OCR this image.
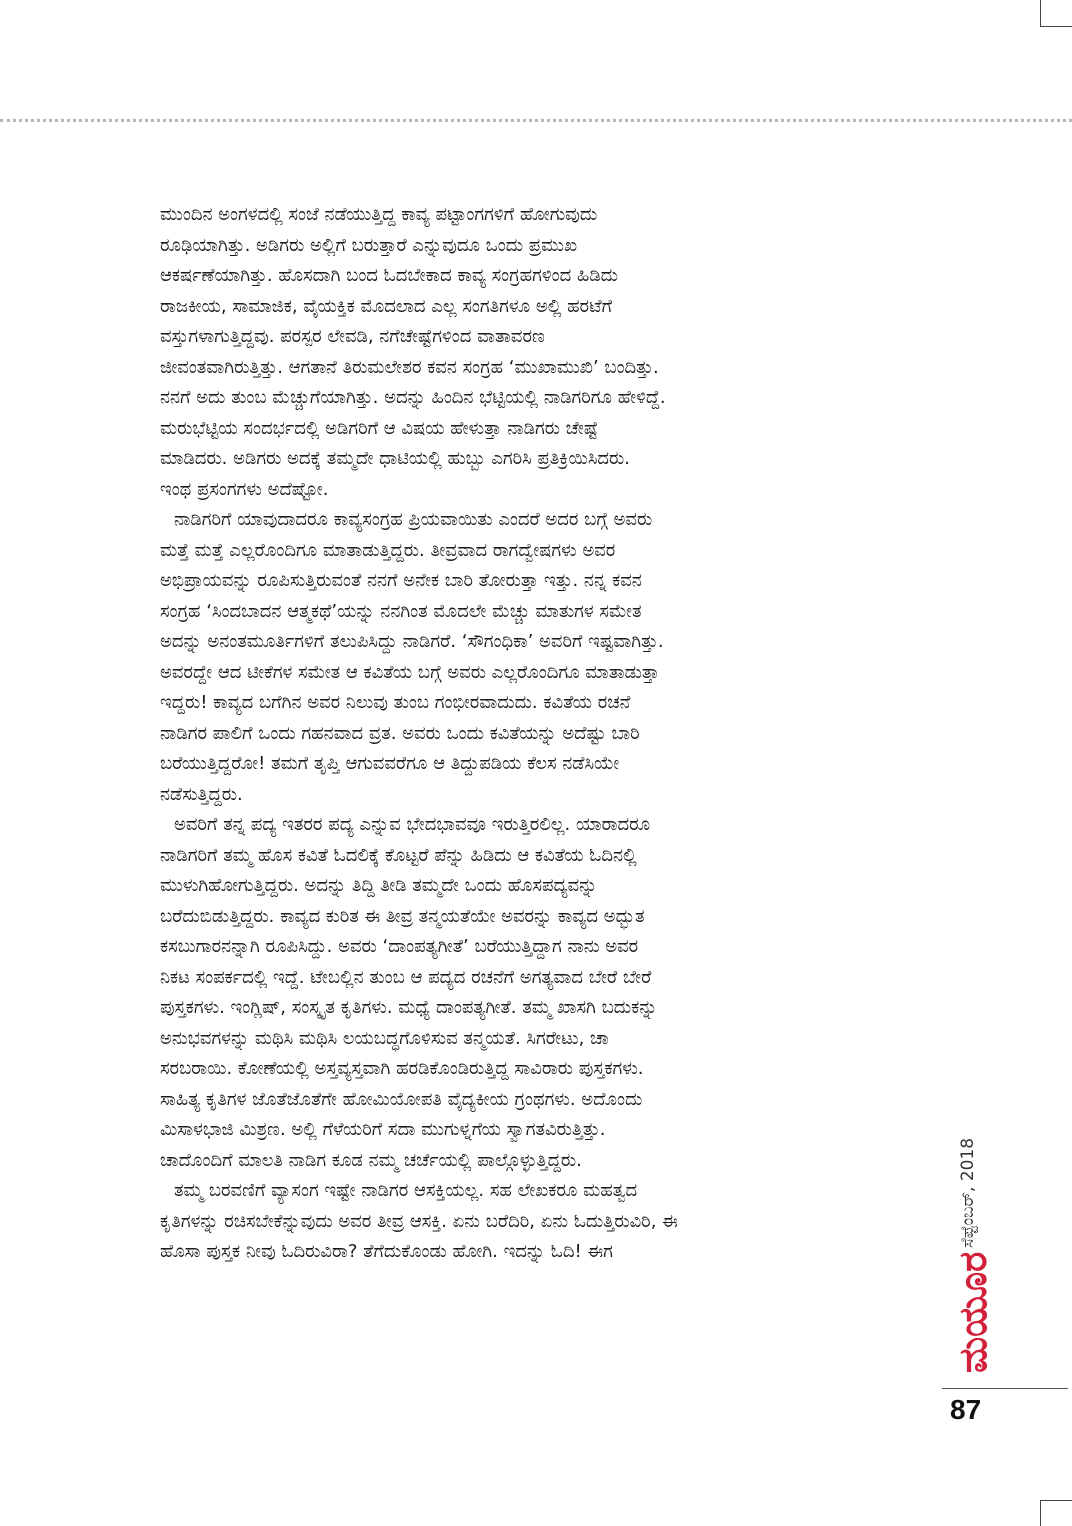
ಮುಂದಿನ ಅಂಗಳದಲ್ಲಿ ಸಂಜೆ ನಡೆಯುತ್ತಿದ್ದ ಕಾವ್ಯ ಪಟ್ಟಾಂಗಗಳಿಗೆ ಹೋಗುವುದು
ರೂಢಿಯಾಗಿತ್ತು. ಅಡಿಗರು ಅಲ್ಲಿಗೆ ಬರುತ್ತಾರೆ ಎನ್ನುವುದೂ ಒಂದು ಪ್ರಮುಖ
ಆಕರ್ಷಣೆಯಾಗಿತ್ತು. ಹೊಸದಾಗಿ ಬಂದ ಓದಬೇಕಾದ ಕಾವ್ಯ ಸಂಗ್ರಹಗಳಿಂದ ಹಿಡಿದು
ರಾಜಕೀಯ, ಸಾಮಾಜಿಕ, ವೈಯಕ್ತಿಕ ಮೊದಲಾದ ಎಲ್ಲ ಸಂಗತಿಗಳೂ ಅಲ್ಲಿ ಹರಟೆಗೆ
ವಸ್ತುಗಳಾಗುತ್ತಿದ್ದವು. ಪರಸ್ಪರ ಲೇವಡಿ, ನಗೆಚೇಷ್ಟೆಗಳಿಂದ ವಾತಾವರಣ
ಜೀವಂತವಾಗಿರುತ್ತಿತ್ತು. ಆಗತಾನೆ ತಿರುಮಲೇಶರ ಕವನ ಸಂಗ್ರಹ ‘ಮುಖಾಮುಖಿ’ ಬಂದಿತ್ತು.
ನನಗೆ ಅದು ತುಂಬ ಮೆಚ್ಚುಗೆಯಾಗಿತ್ತು. ಅದನ್ನು ಹಿಂದಿನ ಭೆಟ್ಟಿಯಲ್ಲಿ ನಾಡಿಗರಿಗೂ ಹೇಳಿದ್ದೆ.
ಮರುಭೆಟ್ಟಿಯ ಸಂದರ್ಭದಲ್ಲಿ ಅಡಿಗರಿಗೆ ಆ ವಿಷಯ ಹೇಳುತ್ತಾ ನಾಡಿಗರು ಚೇಷ್ಟೆ
ಮಾಡಿದರು. ಅಡಿಗರು ಅದಕ್ಕೆ ತಮ್ಮದೇ ಧಾಟಿಯಲ್ಲಿ ಹುಬ್ಬು ಎಗರಿಸಿ ಪ್ರತಿಕ್ರಿಯಿಸಿದರು.
ಇಂಥ ಪ್ರಸಂಗಗಳು ಅದೆಷ್ಟೋ.
ನಾಡಿಗರಿಗೆ ಯಾವುದಾದರೂ ಕಾವ್ಯಸಂಗ್ರಹ ಪ್ರಿಯವಾಯಿತು ಎಂದರೆ ಅದರ ಬಗ್ಗೆ ಅವರು
ಮತ್ತೆ ಮತ್ತೆ ಎಲ್ಲರೊಂದಿಗೂ ಮಾತಾಡುತ್ತಿದ್ದರು. ತೀವ್ರವಾದ ರಾಗದ್ವೇಷಗಳು ಅವರ
ಅಭಿಪ್ರಾಯವನ್ನು ರೂಪಿಸುತ್ತಿರುವಂತೆ ನನಗೆ ಅನೇಕ ಬಾರಿ ತೋರುತ್ತಾ ಇತ್ತು. ನನ್ನ ಕವನ
ಸಂಗ್ರಹ ‘ಸಿಂದಬಾದನ ಆತ್ಮಕಥೆ’ಯನ್ನು ನನಗಿಂತ ಮೊದಲೇ ಮೆಚ್ಚು ಮಾತುಗಳ ಸಮೇತ
ಅದನ್ನು ಅನಂತಮೂರ್ತಿಗಳಿಗೆ ತಲುಪಿಸಿದ್ದು ನಾಡಿಗರೆ. ‘ಸೌಗಂಧಿಕಾ’ ಅವರಿಗೆ ಇಷ್ಟವಾಗಿತ್ತು.
ಅವರದ್ದೇ ಆದ ಟೀಕೆಗಳ ಸಮೇತ ಆ ಕವಿತೆಯ ಬಗ್ಗೆ ಅವರು ಎಲ್ಲರೊಂದಿಗೂ ಮಾತಾಡುತ್ತಾ
ಇದ್ದರು! ಕಾವ್ಯದ ಬಗೆಗಿನ ಅವರ ನಿಲುವು ತುಂಬ ಗಂಭೀರವಾದುದು. ಕವಿತೆಯ ರಚನೆ
ನಾಡಿಗರ ಪಾಲಿಗೆ ಒಂದು ಗಹನವಾದ ವ್ರತ. ಅವರು ಒಂದು ಕವಿತೆಯನ್ನು ಅದೆಷ್ಟು ಬಾರಿ
ಬರೆಯುತ್ತಿದ್ದರೋ! ತಮಗೆ ತೃಪ್ತಿ ಆಗುವವರೆಗೂ ಆ ತಿದ್ದುಪಡಿಯ ಕೆಲಸ ನಡೆಸಿಯೇ
ನಡೆಸುತ್ತಿದ್ದರು.
ಅವರಿಗೆ ತನ್ನ ಪದ್ಯ ಇತರರ ಪದ್ಯ ಎನ್ನುವ ಭೇದಭಾವವೂ ಇರುತ್ತಿರಲಿಲ್ಲ. ಯಾರಾದರೂ
ನಾಡಿಗರಿಗೆ ತಮ್ಮ ಹೊಸ ಕವಿತೆ ಓದಲಿಕ್ಕೆ ಕೊಟ್ಟರೆ ಪೆನ್ನು ಹಿಡಿದು ಆ ಕವಿತೆಯ ಓದಿನಲ್ಲಿ
ಮುಳುಗಿಹೋಗುತ್ತಿದ್ದರು. ಅದನ್ನು ತಿದ್ದಿ ತೀಡಿ ತಮ್ಮದೇ ಒಂದು ಹೊಸಪದ್ಯವನ್ನು
ಬರೆದುಬಿಡುತ್ತಿದ್ದರು. ಕಾವ್ಯದ ಕುರಿತ ಈ ತೀವ್ರ ತನ್ಮಯತೆಯೇ ಅವರನ್ನು ಕಾವ್ಯದ ಅದ್ಭುತ
ಕಸಬುಗಾರನನ್ನಾಗಿ ರೂಪಿಸಿದ್ದು. ಅವರು ‘ದಾಂಪತ್ಯಗೀತೆ’ ಬರೆಯುತ್ತಿದ್ದಾಗ ನಾನು ಅವರ
ನಿಕಟ ಸಂಪರ್ಕದಲ್ಲಿ ಇದ್ದೆ. ಟೇಬಲ್ಲಿನ ತುಂಬ ಆ ಪದ್ಯದ ರಚನೆಗೆ ಅಗತ್ಯವಾದ ಬೇರೆ ಬೇರೆ
ಪುಸ್ತಕಗಳು. ಇಂಗ್ಲಿಷ್, ಸಂಸ್ಕೃತ ಕೃತಿಗಳು. ಮಧ್ಯೆ ದಾಂಪತ್ಯಗೀತೆ. ತಮ್ಮ ಖಾಸಗಿ ಬದುಕನ್ನು
ಅನುಭವಗಳನ್ನು ಮಥಿಸಿ ಮಥಿಸಿ ಲಯಬದ್ಧಗೊಳಿಸುವ ತನ್ಮಯತೆ. ಸಿಗರೇಟು, ಚಾ
ಸರಬರಾಯಿ. ಕೋಣೆಯಲ್ಲಿ ಅಸ್ತವ್ಯಸ್ತವಾಗಿ ಹರಡಿಕೊಂಡಿರುತ್ತಿದ್ದ ಸಾವಿರಾರು ಪುಸ್ತಕಗಳು.
ಸಾಹಿತ್ಯ ಕೃತಿಗಳ ಜೊತೆಜೊತೆಗೇ ಹೋಮಿಯೋಪತಿ ವೈದ್ಯಕೀಯ ಗ್ರಂಥಗಳು. ಅದೊಂದು
ಮಿಸಾಳಭಾಜಿ ಮಿಶ್ರಣ. ಅಲ್ಲಿ ಗೆಳೆಯರಿಗೆ ಸದಾ ಮುಗುಳ್ನಗೆಯ ಸ್ವಾಗತವಿರುತ್ತಿತ್ತು.
ಚಾದೊಂದಿಗೆ ಮಾಲತಿ ನಾಡಿಗ ಕೂಡ ನಮ್ಮ ಚರ್ಚೆಯಲ್ಲಿ ಪಾಲ್ಗೊಳ್ಳುತ್ತಿದ್ದರು.
ತಮ್ಮ ಬರವಣಿಗೆ ವ್ಯಾಸಂಗ ಇಷ್ಟೇ ನಾಡಿಗರ ಆಸಕ್ತಿಯಲ್ಲ. ಸಹ ಲೇಖಕರೂ ಮಹತ್ವದ
ಕೃತಿಗಳನ್ನು ರಚಿಸಬೇಕೆನ್ನುವುದು ಅವರ ತೀವ್ರ ಆಸಕ್ತಿ. ಏನು ಬರೆದಿರಿ, ಏನು ಓದುತ್ತಿರುವಿರಿ, ಈ
ಹೊಸಾ ಪುಸ್ತಕ ನೀವು ಓದಿರುವಿರಾ? ತೆಗೆದುಕೊಂಡು ಹೋಗಿ. ಇದನ್ನು ಓದಿ! ಈಗ
ಸೆಪ್ಟೆಂಬರ್, 2018
ಮಯೂರ
87
